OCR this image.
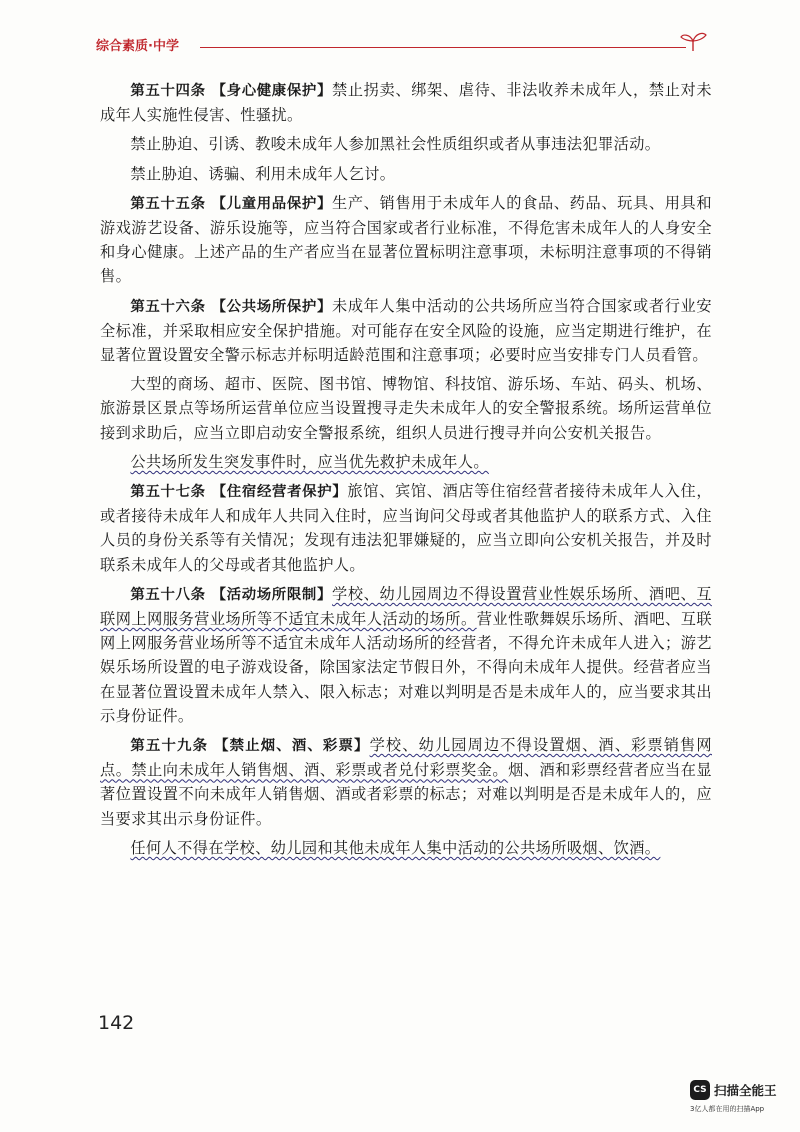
综合素质·中学

第五十四条 【身心健康保护】禁止拐卖、绑架、虐待、非法收养未成年人，禁止对未成年人实施性侵害、性骚扰。

禁止胁迫、引诱、教唆未成年人参加黑社会性质组织或者从事违法犯罪活动。

禁止胁迫、诱骗、利用未成年人乞讨。

第五十五条 【儿童用品保护】生产、销售用于未成年人的食品、药品、玩具、用具和游戏游艺设备、游乐设施等，应当符合国家或者行业标准，不得危害未成年人的人身安全和身心健康。上述产品的生产者应当在显著位置标明注意事项，未标明注意事项的不得销售。

第五十六条 【公共场所保护】未成年人集中活动的公共场所应当符合国家或者行业安全标准，并采取相应安全保护措施。对可能存在安全风险的设施，应当定期进行维护，在显著位置设置安全警示标志并标明适龄范围和注意事项；必要时应当安排专门人员看管。

大型的商场、超市、医院、图书馆、博物馆、科技馆、游乐场、车站、码头、机场、旅游景区景点等场所运营单位应当设置搜寻走失未成年人的安全警报系统。场所运营单位接到求助后，应当立即启动安全警报系统，组织人员进行搜寻并向公安机关报告。

公共场所发生突发事件时，应当优先救护未成年人。

第五十七条 【住宿经营者保护】旅馆、宾馆、酒店等住宿经营者接待未成年人入住，或者接待未成年人和成年人共同入住时，应当询问父母或者其他监护人的联系方式、入住人员的身份关系等有关情况；发现有违法犯罪嫌疑的，应当立即向公安机关报告，并及时联系未成年人的父母或者其他监护人。

第五十八条 【活动场所限制】学校、幼儿园周边不得设置营业性娱乐场所、酒吧、互联网上网服务营业场所等不适宜未成年人活动的场所。营业性歌舞娱乐场所、酒吧、互联网上网服务营业场所等不适宜未成年人活动场所的经营者，不得允许未成年人进入；游艺娱乐场所设置的电子游戏设备，除国家法定节假日外，不得向未成年人提供。经营者应当在显著位置设置未成年人禁入、限入标志；对难以判明是否是未成年人的，应当要求其出示身份证件。

第五十九条 【禁止烟、酒、彩票】学校、幼儿园周边不得设置烟、酒、彩票销售网点。禁止向未成年人销售烟、酒、彩票或者兑付彩票奖金。烟、酒和彩票经营者应当在显著位置设置不向未成年人销售烟、酒或者彩票的标志；对难以判明是否是未成年人的，应当要求其出示身份证件。

任何人不得在学校、幼儿园和其他未成年人集中活动的公共场所吸烟、饮酒。

142
CS 扫描全能王
3亿人都在用的扫描App
